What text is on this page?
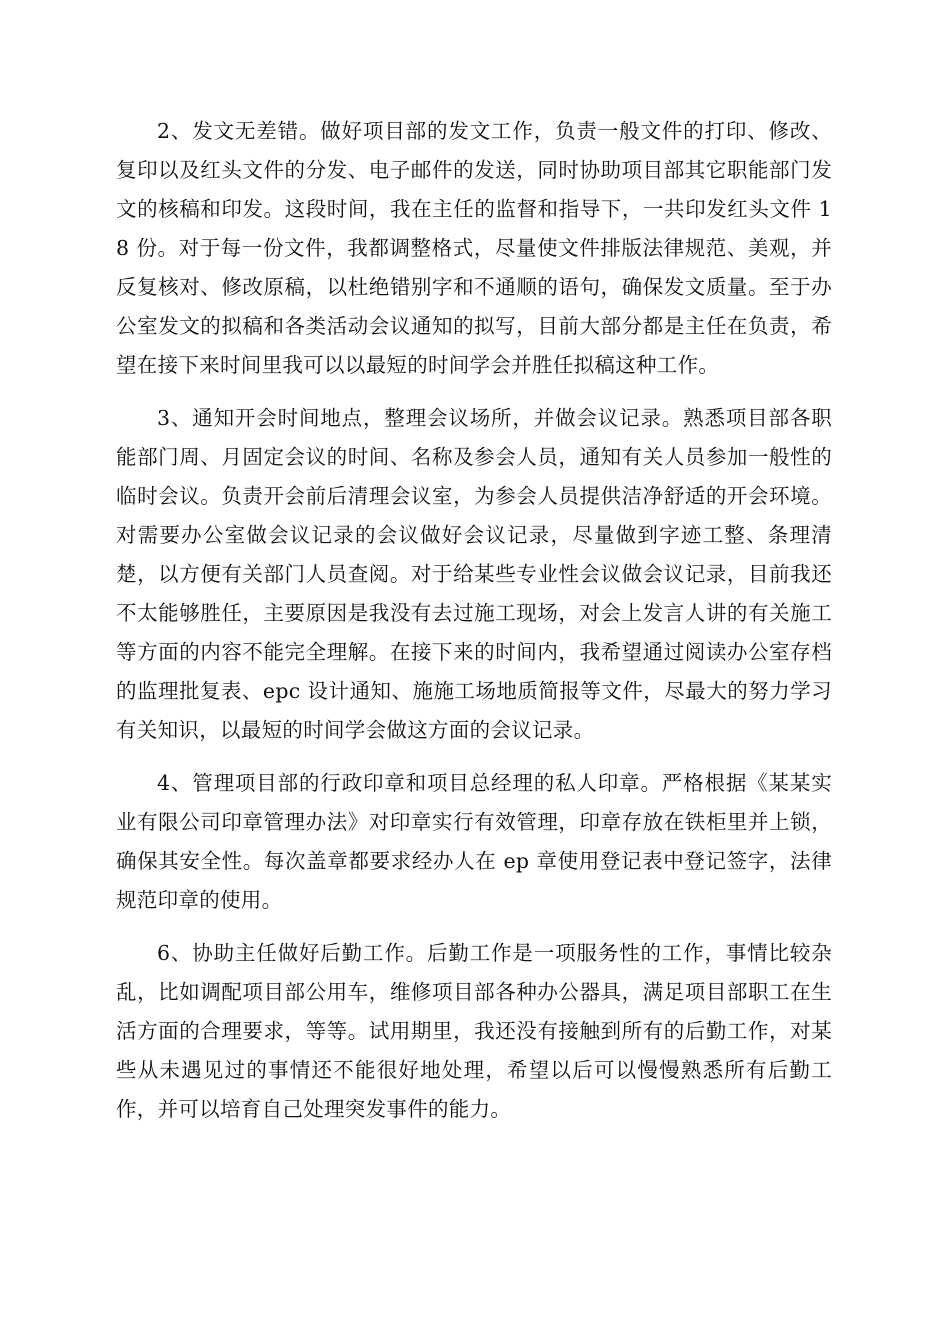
2、发文无差错。做好项目部的发文工作，负责一般文件的打印、修改、复印以及红头文件的分发、电子邮件的发送，同时协助项目部其它职能部门发文的核稿和印发。这段时间，我在主任的监督和指导下，一共印发红头文件 18 份。对于每一份文件，我都调整格式，尽量使文件排版法律规范、美观，并反复核对、修改原稿，以杜绝错别字和不通顺的语句，确保发文质量。至于办公室发文的拟稿和各类活动会议通知的拟写，目前大部分都是主任在负责，希望在接下来时间里我可以以最短的时间学会并胜任拟稿这种工作。

3、通知开会时间地点，整理会议场所，并做会议记录。熟悉项目部各职能部门周、月固定会议的时间、名称及参会人员，通知有关人员参加一般性的临时会议。负责开会前后清理会议室，为参会人员提供洁净舒适的开会环境。对需要办公室做会议记录的会议做好会议记录，尽量做到字迹工整、条理清楚，以方便有关部门人员查阅。对于给某些专业性会议做会议记录，目前我还不太能够胜任，主要原因是我没有去过施工现场，对会上发言人讲的有关施工等方面的内容不能完全理解。在接下来的时间内，我希望通过阅读办公室存档的监理批复表、epc 设计通知、施施工场地质简报等文件，尽最大的努力学习有关知识，以最短的时间学会做这方面的会议记录。

4、管理项目部的行政印章和项目总经理的私人印章。严格根据《某某实业有限公司印章管理办法》对印章实行有效管理，印章存放在铁柜里并上锁，确保其安全性。每次盖章都要求经办人在 ep 章使用登记表中登记签字，法律规范印章的使用。

6、协助主任做好后勤工作。后勤工作是一项服务性的工作，事情比较杂乱，比如调配项目部公用车，维修项目部各种办公器具，满足项目部职工在生活方面的合理要求，等等。试用期里，我还没有接触到所有的后勤工作，对某些从未遇见过的事情还不能很好地处理，希望以后可以慢慢熟悉所有后勤工作，并可以培育自己处理突发事件的能力。
